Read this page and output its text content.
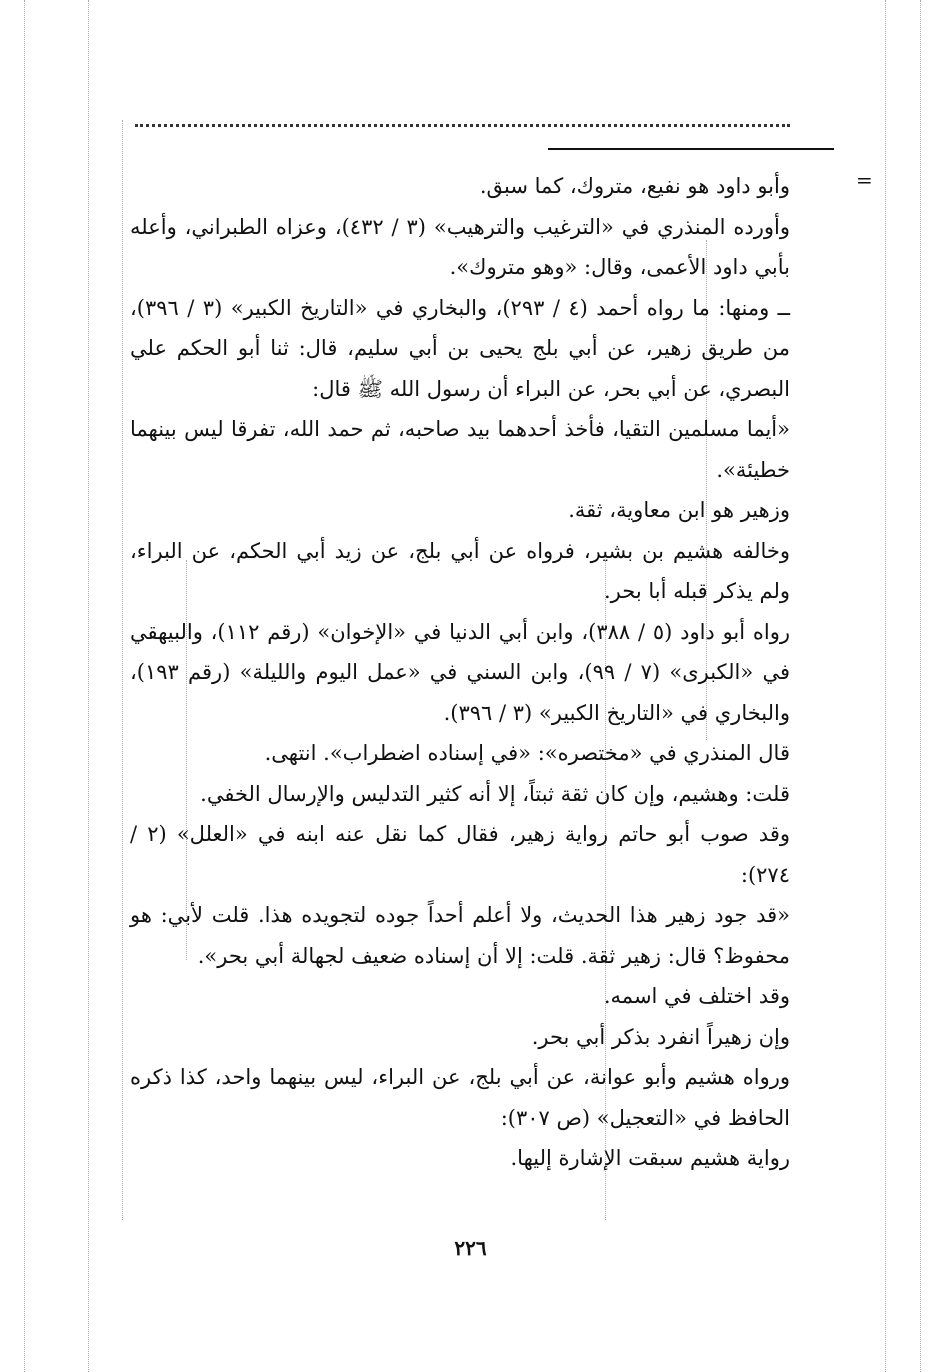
=

وأبو داود هو نفيع، متروك، كما سبق.

وأورده المنذري في «الترغيب والترهيب» (٣ / ٤٣٢)، وعزاه الطبراني، وأعله بأبي داود الأعمى، وقال: «وهو متروك».

ــ ومنها: ما رواه أحمد (٤ / ٢٩٣)، والبخاري في «التاريخ الكبير» (٣ / ٣٩٦)، من طريق زهير، عن أبي بلج يحيى بن أبي سليم، قال: ثنا أبو الحكم علي البصري، عن أبي بحر، عن البراء أن رسول الله ﷺ قال:

«أيما مسلمين التقيا، فأخذ أحدهما بيد صاحبه، ثم حمد الله، تفرقا ليس بينهما خطيئة».

وزهير هو ابن معاوية، ثقة.

وخالفه هشيم بن بشير، فرواه عن أبي بلج، عن زيد أبي الحكم، عن البراء، ولم يذكر قبله أبا بحر.

رواه أبو داود (٥ / ٣٨٨)، وابن أبي الدنيا في «الإخوان» (رقم ١١٢)، والبيهقي في «الكبرى» (٧ / ٩٩)، وابن السني في «عمل اليوم والليلة» (رقم ١٩٣)، والبخاري في «التاريخ الكبير» (٣ / ٣٩٦).

قال المنذري في «مختصره»: «في إسناده اضطراب». انتهى.

قلت: وهشيم، وإن كان ثقة ثبتاً، إلا أنه كثير التدليس والإرسال الخفي.

وقد صوب أبو حاتم رواية زهير، فقال كما نقل عنه ابنه في «العلل» (٢ / ٢٧٤):

«قد جود زهير هذا الحديث، ولا أعلم أحداً جوده لتجويده هذا. قلت لأبي: هو محفوظ؟ قال: زهير ثقة. قلت: إلا أن إسناده ضعيف لجهالة أبي بحر».

وقد اختلف في اسمه.

وإن زهيراً انفرد بذكر أبي بحر.

ورواه هشيم وأبو عوانة، عن أبي بلج، عن البراء، ليس بينهما واحد، كذا ذكره الحافظ في «التعجيل» (ص ٣٠٧):

رواية هشيم سبقت الإشارة إليها.

٢٢٦
